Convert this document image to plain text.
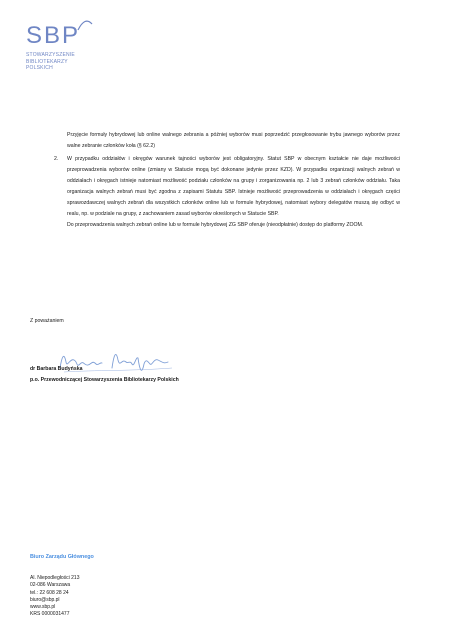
SBP
STOWARZYSZENIE
BIBLIOTEKARZY
POLSKICH

Przyjęcie formuły hybrydowej lub online walnego zebrania a później wyborów musi poprzedzić przegłosowanie trybu jawnego wyborów przez walne zebranie członków koła (§ 62.2)

2. W przypadku oddziałów i okręgów warunek tajności wyborów jest obligatoryjny. Statut SBP w obecnym kształcie nie daje możliwości przeprowadzenia wyborów online (zmiany w Statucie mogą być dokonane jedynie przez KZD). W przypadku organizacji walnych zebrań w oddziałach i okręgach istnieje natomiast możliwość podziału członków na grupy i zorganizowania np. 2 lub 3 zebrań członków oddziału. Taka organizacja walnych zebrań musi być zgodna z zapisami Statutu SBP. Istnieje możliwość przeprowadzenia w oddziałach i okręgach części sprawozdawczej walnych zebrań dla wszystkich członków online lub w formule hybrydowej, natomiast wybory delegatów muszą się odbyć w realu, np. w podziale na grupy, z zachowaniem zasad wyborów określonych w Statucie SBP.

Do przeprowadzenia walnych zebrań online lub w formule hybrydowej ZG SBP oferuje (nieodpłatnie) dostęp do platformy ZOOM.

Z poważaniem
dr Barbara Budyńska
p.o. Przewodniczącej Stowarzyszenia Bibliotekarzy Polskich
Biuro Zarządu Głównego
Al. Niepodległości 213
02-086 Warszawa
tel.: 22 608 28 24
biuro@sbp.pl
www.sbp.pl
KRS 0000031477
